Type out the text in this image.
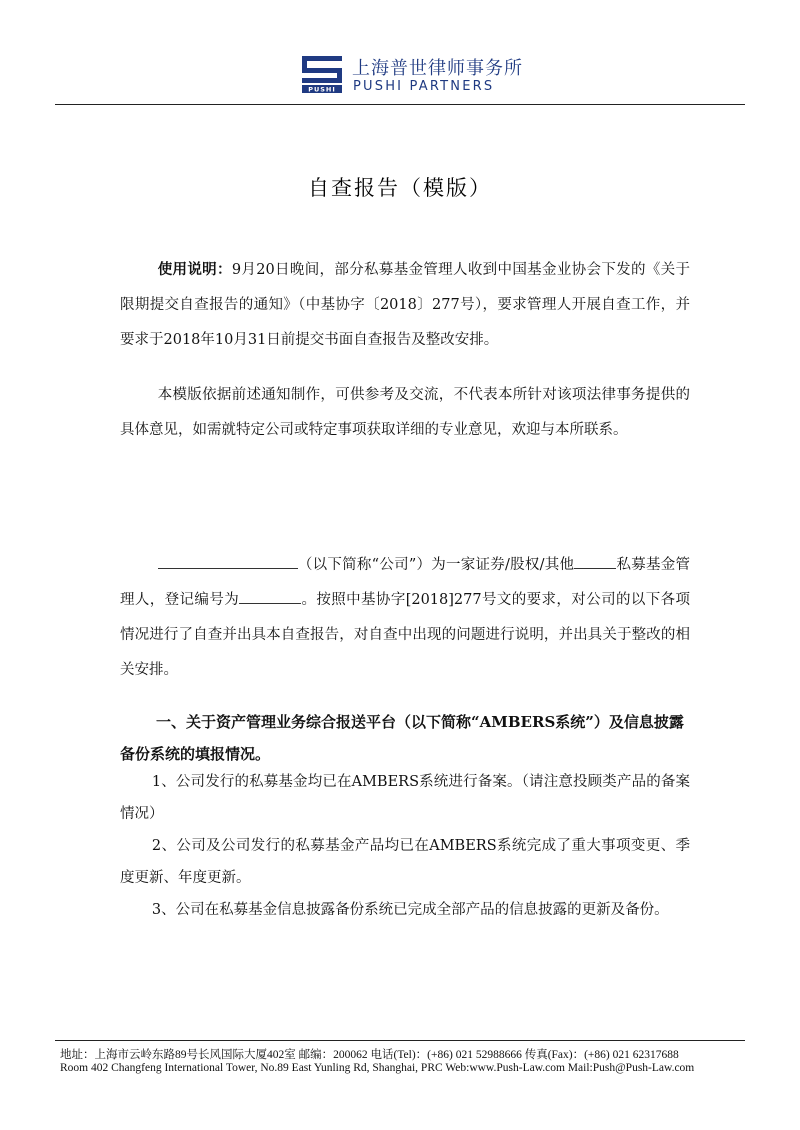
PUSHI
上海普世律师事务所
PUSHI PARTNERS
自查报告（模版）

使用说明：9月20日晚间，部分私募基金管理人收到中国基金业协会下发的《关于限期提交自查报告的通知》（中基协字〔2018〕277号），要求管理人开展自查工作，并要求于2018年10月31日前提交书面自查报告及整改安排。

本模版依据前述通知制作，可供参考及交流，不代表本所针对该项法律事务提供的具体意见，如需就特定公司或特定事项获取详细的专业意见，欢迎与本所联系。

（以下简称“公司”）为一家证券/股权/其他	私募基金管理人，登记编号为	。按照中基协字[2018]277号文的要求，对公司的以下各项情况进行了自查并出具本自查报告，对自查中出现的问题进行说明，并出具关于整改的相关安排。

一、关于资产管理业务综合报送平台（以下简称“AMBERS系统”）及信息披露备份系统的填报情况。

1、公司发行的私募基金均已在AMBERS系统进行备案。（请注意投顾类产品的备案情况）

2、公司及公司发行的私募基金产品均已在AMBERS系统完成了重大事项变更、季度更新、年度更新。

3、公司在私募基金信息披露备份系统已完成全部产品的信息披露的更新及备份。

地址：上海市云岭东路89号长风国际大厦402室 邮编：200062 电话(Tel)：(+86) 021 52988666 传真(Fax)：(+86) 021 62317688
Room 402 Changfeng International Tower, No.89 East Yunling Rd, Shanghai, PRC Web:www.Push-Law.com Mail:Push@Push-Law.com
